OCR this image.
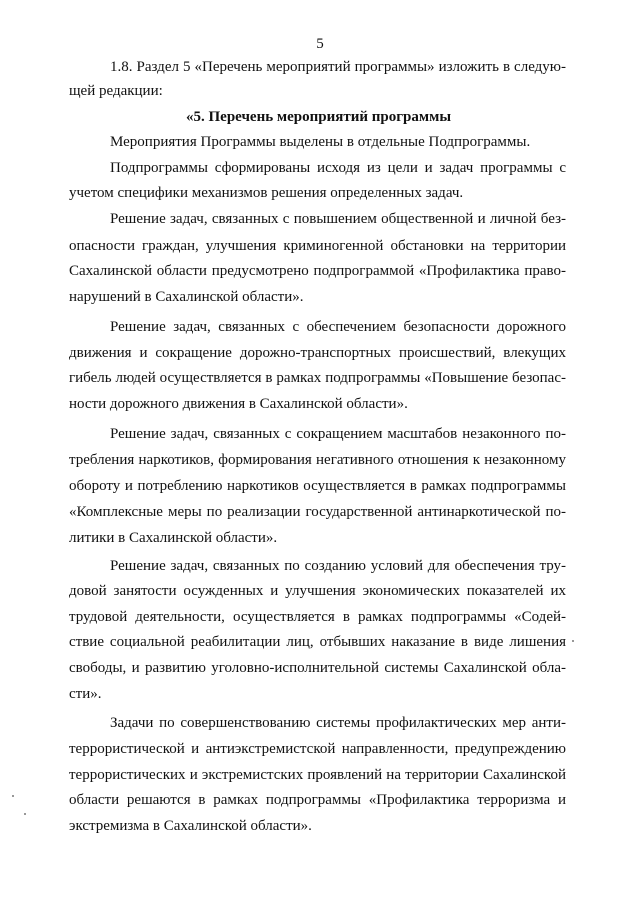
5
1.8. Раздел 5 «Перечень мероприятий программы» изложить в следую-
щей редакции:
«5. Перечень мероприятий программы
Мероприятия Программы выделены в отдельные Подпрограммы.
Подпрограммы сформированы исходя из цели и задач программы с
учетом специфики механизмов решения определенных задач.
Решение задач, связанных с повышением общественной и личной без-
опасности граждан, улучшения криминогенной обстановки на территории
Сахалинской области предусмотрено подпрограммой «Профилактика право-
нарушений в Сахалинской области».
Решение задач, связанных с обеспечением безопасности дорожного
движения и сокращение дорожно-транспортных происшествий, влекущих
гибель людей осуществляется в рамках подпрограммы «Повышение безопас-
ности дорожного движения в Сахалинской области».
Решение задач, связанных с сокращением масштабов незаконного по-
требления наркотиков, формирования негативного отношения к незаконному
обороту и потреблению наркотиков осуществляется в рамках подпрограммы
«Комплексные меры по реализации государственной антинаркотической по-
литики в Сахалинской области».
Решение задач, связанных по созданию условий для обеспечения тру-
довой занятости осужденных и улучшения экономических показателей их
трудовой деятельности, осуществляется в рамках подпрограммы «Содей-
ствие социальной реабилитации лиц, отбывших наказание в виде лишения
свободы, и развитию уголовно-исполнительной системы Сахалинской обла-
сти».
Задачи по совершенствованию системы профилактических мер анти-
террористической и антиэкстремистской направленности, предупреждению
террористических и экстремистских проявлений на территории Сахалинской
области решаются в рамках подпрограммы «Профилактика терроризма и
экстремизма в Сахалинской области».
